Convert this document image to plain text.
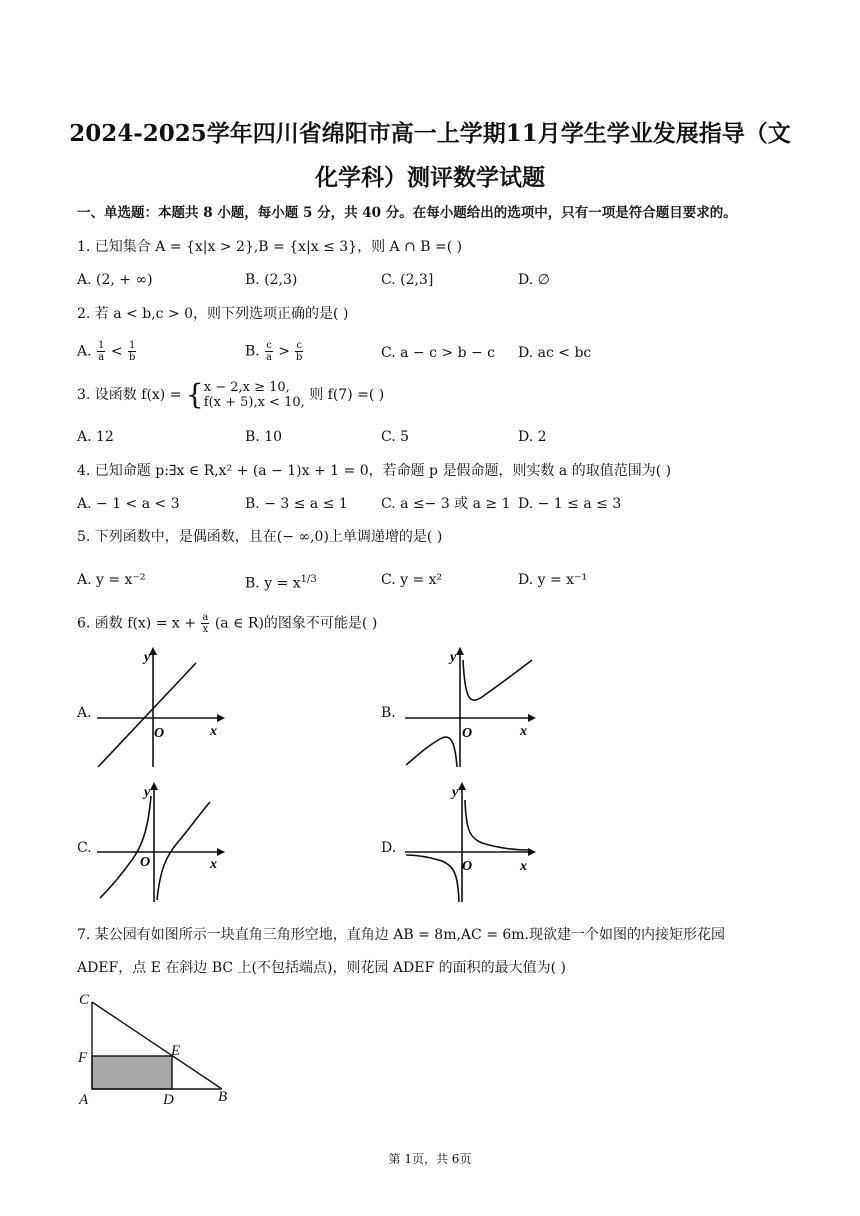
2024-2025学年四川省绵阳市高一上学期11月学生学业发展指导（文
化学科）测评数学试题
一、单选题：本题共 8 小题，每小题 5 分，共 40 分。在每小题给出的选项中，只有一项是符合题目要求的。
1. 已知集合 A = {x|x > 2},B = {x|x ≤ 3}，则 A ∩ B =( )
A. (2, + ∞)	B. (2,3)	C. (2,3]	D. ∅
2. 若 a < b,c > 0，则下列选项正确的是( )
A. $\frac{1}{a} < \frac{1}{b}$	B. $\frac{c}{a} > \frac{c}{b}$	C. a − c > b − c D. ac < bc
3. 设函数 f(x) = { x − 2,x ≥ 10,
f(x + 5),x < 10, 则 f(7) =( )
A. 12	B. 10	C. 5	D. 2
4. 已知命题 p:∃x ∈ R,x² + (a − 1)x + 1 = 0，若命题 p 是假命题，则实数 a 的取值范围为( )
A. − 1 < a < 3	B. − 3 ≤ a ≤ 1 C. a ≤− 3 或 a ≥ 1 D. − 1 ≤ a ≤ 3
5. 下列函数中，是偶函数，且在(− ∞,0)上单调递增的是( )
A. y = x⁻²	B. $y = x^{1/3}$	C. y = x²	D. y = x⁻¹
6. 函数 $f(x) = x + \frac{a}{x} (a$ ∈ R)的图象不可能是( )
A.	B.
C.	D.
y
x
O
y
x
O
y
x
O
y
x
O
7. 某公园有如图所示一块直角三角形空地，直角边 AB = 8m,AC = 6m.现欲建一个如图的内接矩形花园
ADEF，点 E 在斜边 BC 上(不包括端点)，则花园 ADEF 的面积的最大值为( )
C
F	E
A	D	B
第 1页，共 6页
